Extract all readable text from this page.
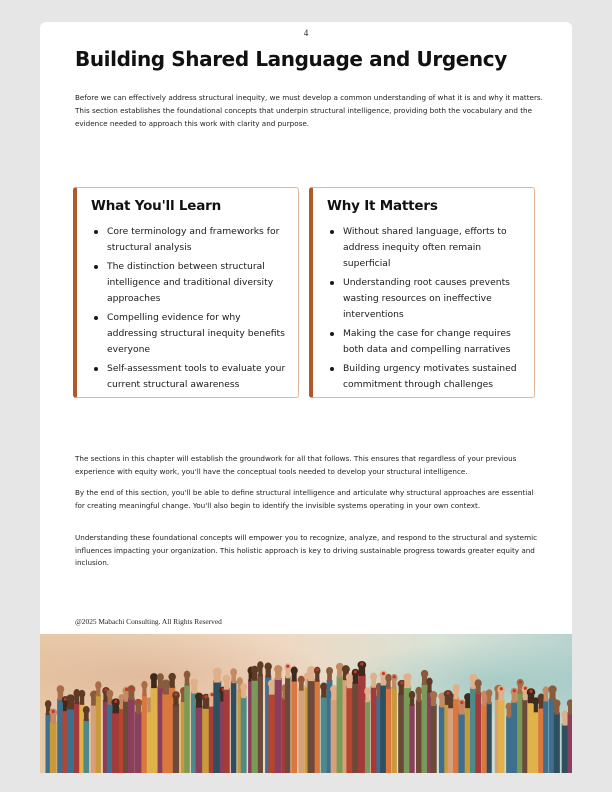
4
Building Shared Language and Urgency

Before we can effectively address structural inequity, we must develop a common understanding of what it is and why it matters. This section establishes the foundational concepts that underpin structural intelligence, providing both the vocabulary and the evidence needed to approach this work with clarity and purpose.

What You'll Learn
Core terminology and frameworks for structural analysis
The distinction between structural intelligence and traditional diversity approaches
Compelling evidence for why addressing structural inequity benefits everyone
Self-assessment tools to evaluate your current structural awareness
Why It Matters
Without shared language, efforts to address inequity often remain superficial
Understanding root causes prevents wasting resources on ineffective interventions
Making the case for change requires both data and compelling narratives
Building urgency motivates sustained commitment through challenges

The sections in this chapter will establish the groundwork for all that follows. This ensures that regardless of your previous experience with equity work, you'll have the conceptual tools needed to develop your structural intelligence.

By the end of this section, you'll be able to define structural intelligence and articulate why structural approaches are essential for creating meaningful change. You'll also begin to identify the invisible systems operating in your own context.

Understanding these foundational concepts will empower you to recognize, analyze, and respond to the structural and systemic influences impacting your organization. This holistic approach is key to driving sustainable progress towards greater equity and inclusion.

@2025 Mabachi Consulting. All Rights Reserved
